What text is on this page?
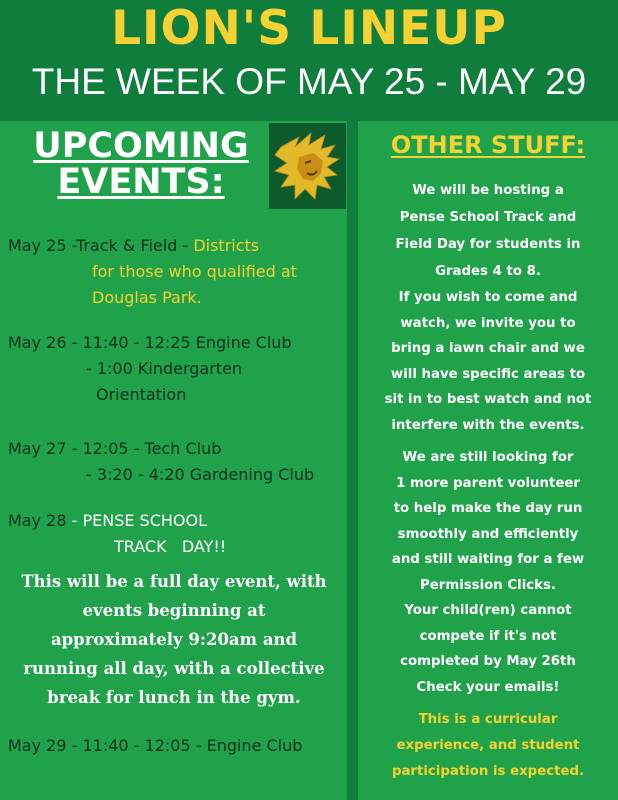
LION'S LINEUP
THE WEEK OF MAY 25 - MAY 29
UPCOMING
EVENTS:
May 25 -Track & Field - Districts
for those who qualified at
Douglas Park.
May 26 - 11:40 - 12:25 Engine Club
- 1:00 Kindergarten
Orientation
May 27 - 12:05 - Tech Club
- 3:20 - 4:20 Gardening Club
May 28 - PENSE SCHOOL
TRACK   DAY!!
This will be a full day event, with
events beginning at
approximately 9:20am and
running all day, with a collective
break for lunch in the gym.
May 29 - 11:40 - 12:05 - Engine Club
OTHER STUFF:
We will be hosting a
Pense School Track and
Field Day for students in
Grades 4 to 8.
If you wish to come and
watch, we invite you to
bring a lawn chair and we
will have specific areas to
sit in to best watch and not
interfere with the events.
We are still looking for
1 more parent volunteer
to help make the day run
smoothly and efficiently
and still waiting for a few
Permission Clicks.
Your child(ren) cannot
compete if it's not
completed by May 26th
Check your emails!
This is a curricular
experience, and student
participation is expected.
